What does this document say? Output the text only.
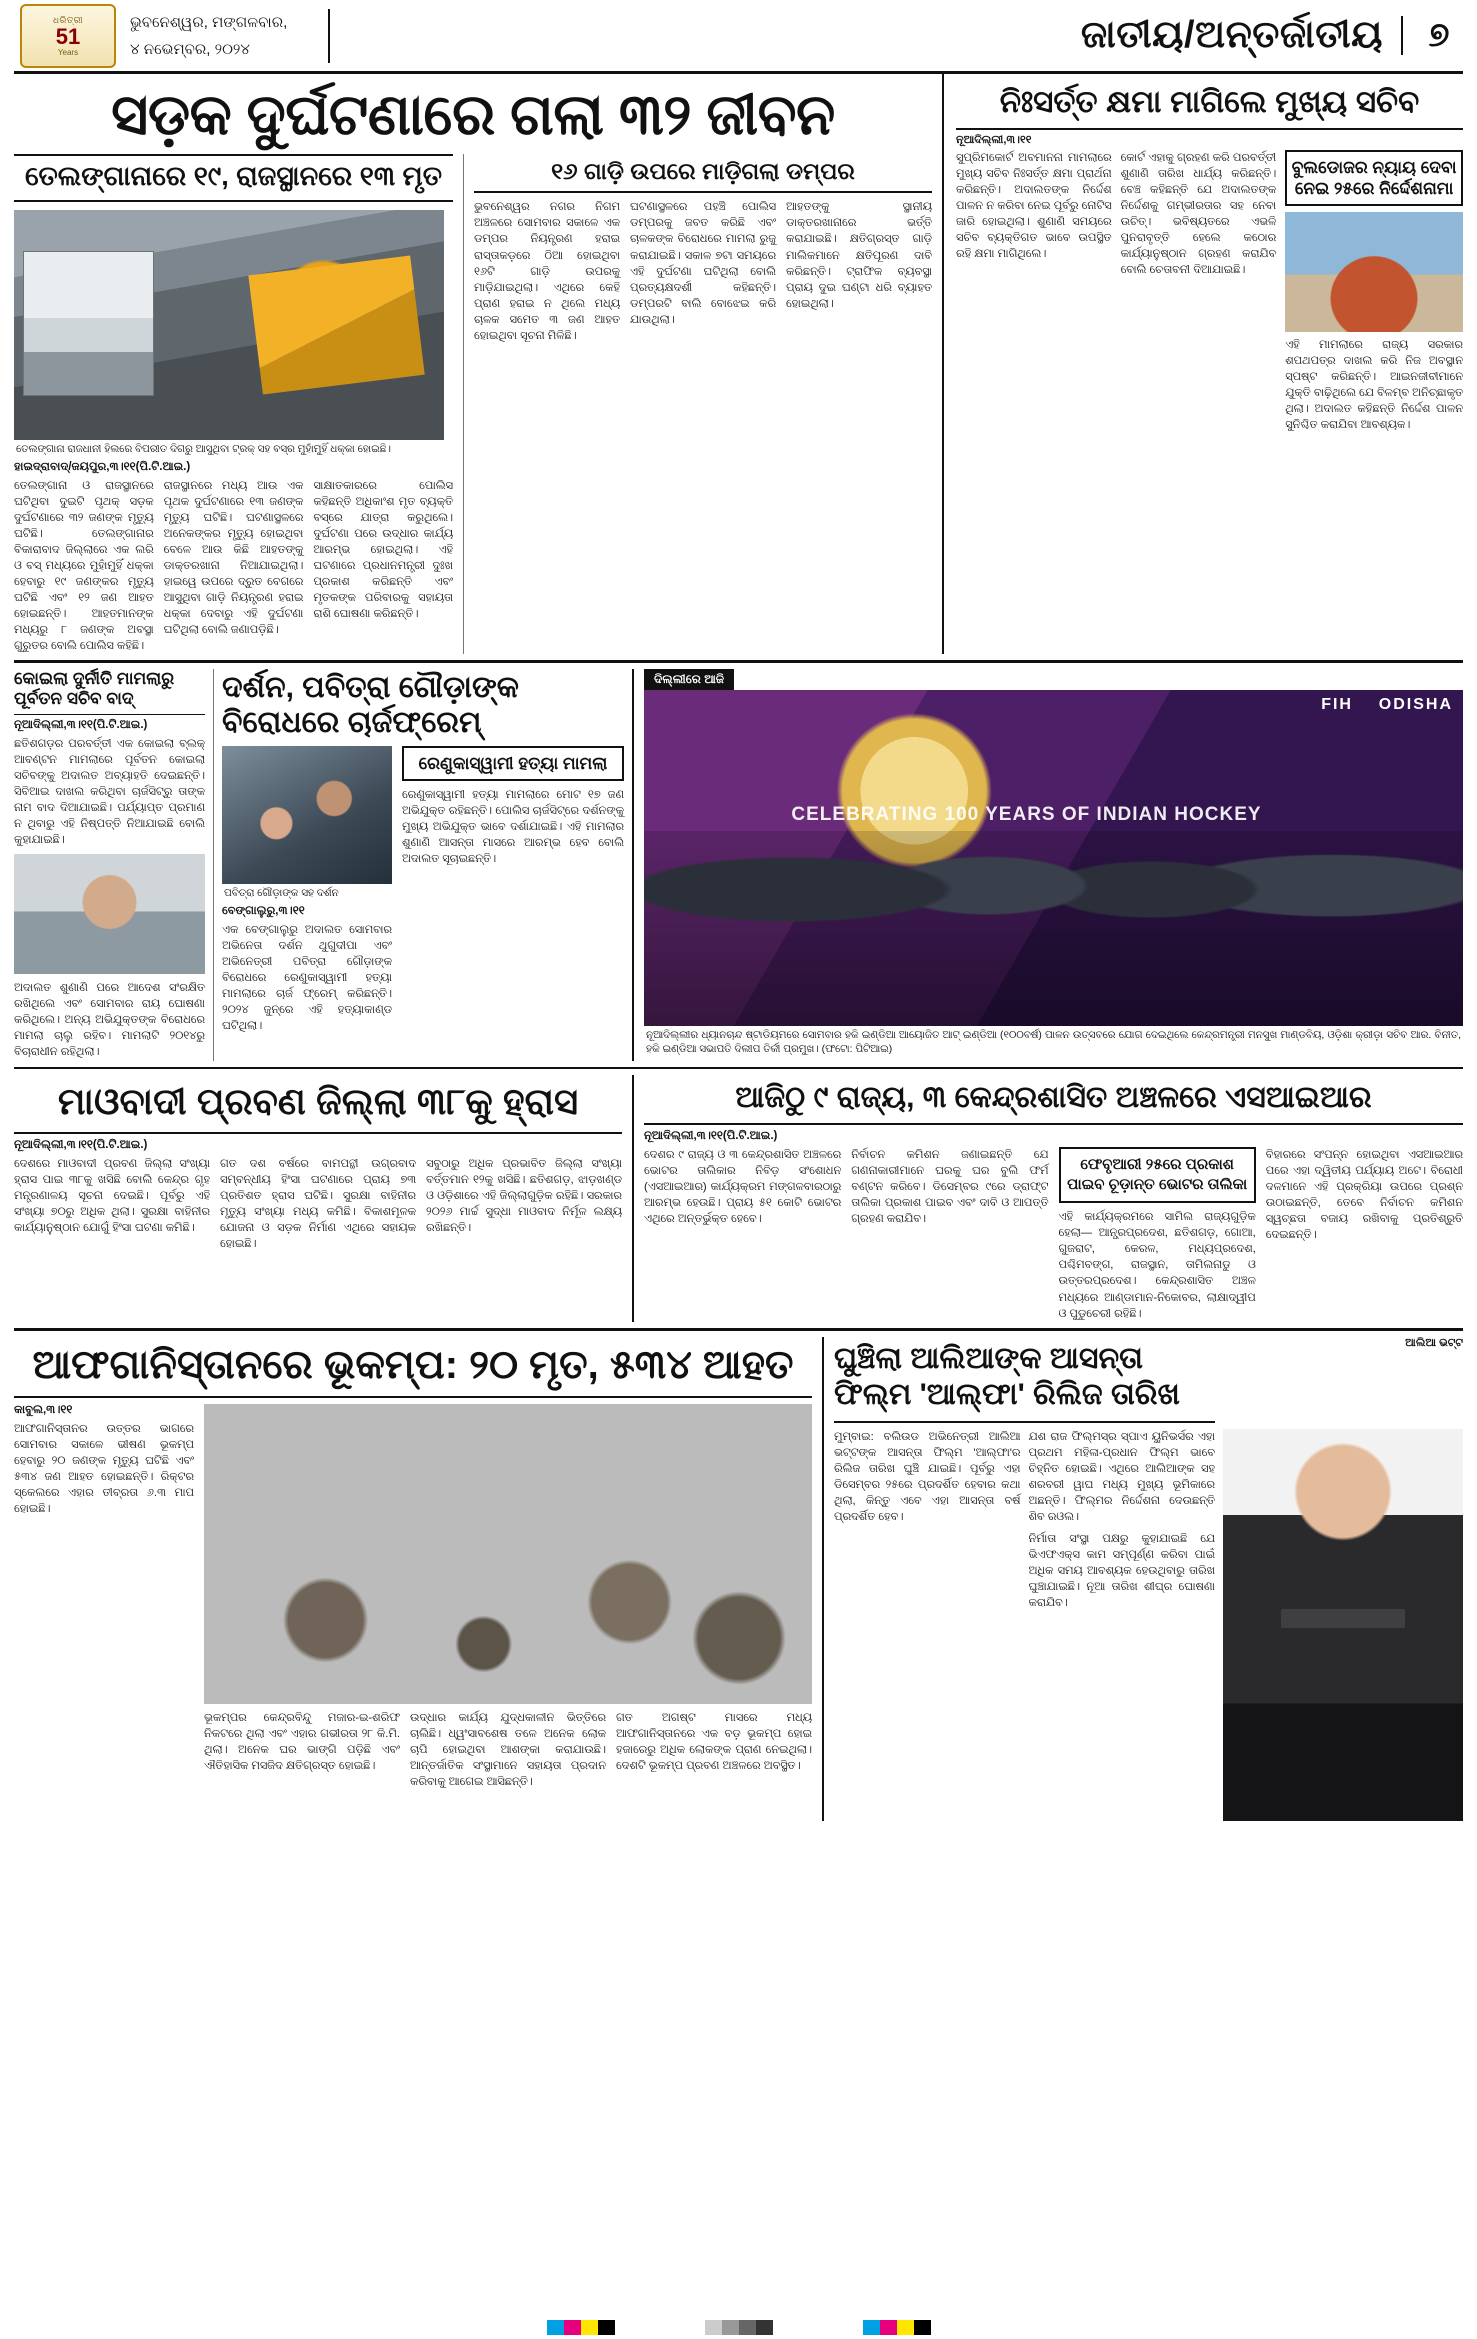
ଧରିତ୍ରୀ
51
Years
ଭୁବନେଶ୍ୱର, ମଙ୍ଗଳବାର,
୪ ନଭେମ୍ବର, ୨୦୨୪	ଜାତୀୟ/ଅନ୍ତର୍ଜାତୀୟ	୭
ସଡ଼କ ଦୁର୍ଘଟଣାରେ ଗଲା ୩୨ ଜୀବନ
ତେଲଙ୍ଗାନାରେ ୧୯, ରାଜସ୍ଥାନରେ ୧୩ ମୃତ
ତେଲଙ୍ଗାନା ରାଜଧାନୀ ହିଲରେ ବିପରୀତ ଦିଗରୁ ଆସୁଥିବା ଟ୍ରକ୍‌ ସହ ବସ୍‌ର ମୁହାଁମୁହିଁ ଧକ୍କା ହୋଇଛି।
ହାଇଦ୍ରାବାଦ୍/ଜୟପୁର,୩।୧୧(ପି.ଟି.ଆଇ.)
ତେଲଙ୍ଗାନା ଓ ରାଜସ୍ଥାନରେ ଘଟିଥିବା ଦୁଇଟି ପୃଥକ୍‌ ସଡ଼କ ଦୁର୍ଘଟଣାରେ ୩୨ ଜଣଙ୍କ ମୃତ୍ୟୁ ଘଟିଛି। ତେଲଙ୍ଗାନାର ବିକାରାବାଦ ଜିଲ୍ଲାରେ ଏକ ଲରି ଓ ବସ୍‌ ମଧ୍ୟରେ ମୁହାଁମୁହିଁ ଧକ୍କା ହେବାରୁ ୧୯ ଜଣଙ୍କର ମୃତ୍ୟୁ ଘଟିଛି ଏବଂ ୧୨ ଜଣ ଆହତ ହୋଇଛନ୍ତି। ଆହତମାନଙ୍କ ମଧ୍ୟରୁ ୮ ଜଣଙ୍କ ଅବସ୍ଥା ଗୁରୁତର ବୋଲି ପୋଲିସ କହିଛି।
ରାଜସ୍ଥାନରେ ମଧ୍ୟ ଆଉ ଏକ ପୃଥକ ଦୁର୍ଘଟଣାରେ ୧୩ ଜଣଙ୍କ ମୃତ୍ୟୁ ଘଟିଛି। ଘଟଣାସ୍ଥଳରେ ଅନେକଙ୍କର ମୃତ୍ୟୁ ହୋଇଥିବା ବେଳେ ଆଉ କିଛି ଆହତଙ୍କୁ ଡାକ୍ତରଖାନା ନିଆଯାଇଥିଲା। ହାଇୱେ ଉପରେ ଦ୍ରୁତ ବେଗରେ ଆସୁଥିବା ଗାଡ଼ି ନିୟନ୍ତ୍ରଣ ହରାଇ ଧକ୍କା ଦେବାରୁ ଏହି ଦୁର୍ଘଟଣା ଘଟିଥିଲା ବୋଲି ଜଣାପଡ଼ିଛି।
ସାକ୍ଷାତକାରରେ ପୋଲିସ କହିଛନ୍ତି ଅଧିକାଂଶ ମୃତ ବ୍ୟକ୍ତି ବସ୍‌ରେ ଯାତ୍ରା କରୁଥିଲେ। ଦୁର୍ଘଟଣା ପରେ ଉଦ୍ଧାର କାର୍ଯ୍ୟ ଆରମ୍ଭ ହୋଇଥିଲା। ଏହି ଘଟଣାରେ ପ୍ରଧାନମନ୍ତ୍ରୀ ଦୁଃଖ ପ୍ରକାଶ କରିଛନ୍ତି ଏବଂ ମୃତକଙ୍କ ପରିବାରକୁ ସହାୟତା ରାଶି ଘୋଷଣା କରିଛନ୍ତି।
୧୬ ଗାଡ଼ି ଉପରେ ମାଡ଼ିଗଲା ଡମ୍ପର
ଭୁବନେଶ୍ୱର ନଗର ନିଗମ ଅଞ୍ଚଳରେ ସୋମବାର ସକାଳେ ଏକ ଡମ୍ପର ନିୟନ୍ତ୍ରଣ ହରାଇ ରାସ୍ତାକଡ଼ରେ ଠିଆ ହୋଇଥିବା ୧୬ଟି ଗାଡ଼ି ଉପରକୁ ମାଡ଼ିଯାଇଥିଲା। ଏଥିରେ କେହି ପ୍ରାଣ ହରାଇ ନ ଥିଲେ ମଧ୍ୟ ଚାଳକ ସମେତ ୩ ଜଣ ଆହତ ହୋଇଥିବା ସୂଚନା ମିଳିଛି।
ଘଟଣାସ୍ଥଳରେ ପହଞ୍ଚି ପୋଲିସ ଡମ୍ପରକୁ ଜବତ କରିଛି ଏବଂ ଚାଳକଙ୍କ ବିରୋଧରେ ମାମଲା ରୁଜୁ କରାଯାଇଛି। ସକାଳ ୭ଟା ସମୟରେ ଏହି ଦୁର୍ଘଟଣା ଘଟିଥିଲା ବୋଲି ପ୍ରତ୍ୟକ୍ଷଦର୍ଶୀ କହିଛନ୍ତି। ଡମ୍ପରଟି ବାଲି ବୋଝେଇ କରି ଯାଉଥିଲା।
ଆହତଙ୍କୁ ସ୍ଥାନୀୟ ଡାକ୍ତରଖାନାରେ ଭର୍ତ୍ତି କରାଯାଇଛି। କ୍ଷତିଗ୍ରସ୍ତ ଗାଡ଼ି ମାଲିକମାନେ କ୍ଷତିପୂରଣ ଦାବି କରିଛନ୍ତି। ଟ୍ରାଫିକ ବ୍ୟବସ୍ଥା ପ୍ରାୟ ଦୁଇ ଘଣ୍ଟା ଧରି ବ୍ୟାହତ ହୋଇଥିଲା।
ନିଃସର୍ତ୍ତ କ୍ଷମା ମାଗିଲେ ମୁଖ୍ୟ ସଚିବ
ନୂଆଦିଲ୍ଲୀ,୩।୧୧
ସୁପ୍ରିମକୋର୍ଟ ଅବମାନନା ମାମଲାରେ ମୁଖ୍ୟ ସଚିବ ନିଃସର୍ତ୍ତ କ୍ଷମା ପ୍ରାର୍ଥନା କରିଛନ୍ତି। ଅଦାଲତଙ୍କ ନିର୍ଦ୍ଦେଶ ପାଳନ ନ କରିବା ନେଇ ପୂର୍ବରୁ ନୋଟିସ ଜାରି ହୋଇଥିଲା। ଶୁଣାଣି ସମୟରେ ସଚିବ ବ୍ୟକ୍ତିଗତ ଭାବେ ଉପସ୍ଥିତ ରହି କ୍ଷମା ମାଗିଥିଲେ।
କୋର୍ଟ ଏହାକୁ ଗ୍ରହଣ କରି ପରବର୍ତ୍ତୀ ଶୁଣାଣି ତାରିଖ ଧାର୍ଯ୍ୟ କରିଛନ୍ତି। ବେଞ୍ଚ କହିଛନ୍ତି ଯେ ଅଦାଲତଙ୍କ ନିର୍ଦ୍ଦେଶକୁ ଗମ୍ଭୀରତାର ସହ ନେବା ଉଚିତ୍‌। ଭବିଷ୍ୟତରେ ଏଭଳି ପୁନରାବୃତ୍ତି ହେଲେ କଠୋର କାର୍ଯ୍ୟାନୁଷ୍ଠାନ ଗ୍ରହଣ କରାଯିବ ବୋଲି ଚେତାବନୀ ଦିଆଯାଇଛି।
ବୁଲଡୋଜର ନ୍ୟାୟ ଦେବା ନେଇ ୨୫ରେ ନିର୍ଦ୍ଦେଶନାମା
ଏହି ମାମଲାରେ ରାଜ୍ୟ ସରକାର ଶପଥପତ୍ର ଦାଖଲ କରି ନିଜ ଅବସ୍ଥାନ ସ୍ପଷ୍ଟ କରିଛନ୍ତି। ଆଇନଜୀବୀମାନେ ଯୁକ୍ତି ବାଢ଼ିଥିଲେ ଯେ ବିଳମ୍ବ ଅନିଚ୍ଛାକୃତ ଥିଲା। ଅଦାଲତ କହିଛନ୍ତି ନିର୍ଦ୍ଦେଶ ପାଳନ ସୁନିଶ୍ଚିତ କରାଯିବା ଆବଶ୍ୟକ।
କୋଇଲା ଦୁର୍ନୀତି ମାମଲାରୁ ପୂର୍ବତନ ସଚିବ ବାଦ୍‌
ନୂଆଦିଲ୍ଲୀ,୩।୧୧(ପି.ଟି.ଆଇ.)
ଛତିଶଗଡ଼ର ପରବର୍ତ୍ତୀ ଏକ କୋଇଲା ବ୍ଲକ୍‌ ଆବଣ୍ଟନ ମାମଲାରେ ପୂର୍ବତନ କୋଇଲା ସଚିବଙ୍କୁ ଅଦାଲତ ଅବ୍ୟାହତି ଦେଇଛନ୍ତି। ସିବିଆଇ ଦାଖଲ କରିଥିବା ଚାର୍ଜସିଟ୍‌ରୁ ତାଙ୍କ ନାମ ବାଦ ଦିଆଯାଇଛି। ପର୍ଯ୍ୟାପ୍ତ ପ୍ରମାଣ ନ ଥିବାରୁ ଏହି ନିଷ୍ପତ୍ତି ନିଆଯାଇଛି ବୋଲି କୁହାଯାଇଛି।
ଅଦାଲତ ଶୁଣାଣି ପରେ ଆଦେଶ ସଂରକ୍ଷିତ ରଖିଥିଲେ ଏବଂ ସୋମବାର ରାୟ ଘୋଷଣା କରିଥିଲେ। ଅନ୍ୟ ଅଭିଯୁକ୍ତଙ୍କ ବିରୋଧରେ ମାମଲା ଚାଲୁ ରହିବ। ମାମଲାଟି ୨୦୧୪ରୁ ବିଚାରାଧୀନ ରହିଥିଲା।
ଦର୍ଶନ, ପବିତ୍ରା ଗୌଡ଼ାଙ୍କ ବିରୋଧରେ ଚାର୍ଜଫ୍ରେମ୍‌
ପବିତ୍ରା ଗୌଡ଼ାଙ୍କ ସହ ଦର୍ଶନ
ବେଙ୍ଗାଲୁରୁ,୩।୧୧
ଏକ ବେଙ୍ଗାଲୁରୁ ଅଦାଲତ ସୋମବାର ଅଭିନେତା ଦର୍ଶନ ଥୁଗୁଦୀପା ଏବଂ ଅଭିନେତ୍ରୀ ପବିତ୍ରା ଗୌଡ଼ାଙ୍କ ବିରୋଧରେ ରେଣୁକାସ୍ୱାମୀ ହତ୍ୟା ମାମଲାରେ ଚାର୍ଜ ଫ୍ରେମ୍‌ କରିଛନ୍ତି। ୨୦୨୪ ଜୁନ୍‌ରେ ଏହି ହତ୍ୟାକାଣ୍ଡ ଘଟିଥିଲା।
ରେଣୁକାସ୍ୱାମୀ ହତ୍ୟା ମାମଲା
ରେଣୁକାସ୍ୱାମୀ ହତ୍ୟା ମାମଲାରେ ମୋଟ ୧୭ ଜଣ ଅଭିଯୁକ୍ତ ରହିଛନ୍ତି। ପୋଲିସ ଚାର୍ଜସିଟ୍‌ରେ ଦର୍ଶନଙ୍କୁ ମୁଖ୍ୟ ଅଭିଯୁକ୍ତ ଭାବେ ଦର୍ଶାଯାଇଛି। ଏହି ମାମଲାର ଶୁଣାଣି ଆସନ୍ତା ମାସରେ ଆରମ୍ଭ ହେବ ବୋଲି ଅଦାଲତ ସୂଚାଇଛନ୍ତି।
ଦିଲ୍ଲୀରେ ଆଜି
FIH ODISHA
CELEBRATING 100 YEARS OF INDIAN HOCKEY
ନୂଆଦିଲ୍ଲୀର ଧ୍ୟାନଚାନ୍ଦ ଷ୍ଟାଡିୟମରେ ସୋମବାର ହକି ଇଣ୍ଡିଆ ଆୟୋଜିତ ଆଟ୍‌ ଇଣ୍ଡିଆ (୧୦୦ବର୍ଷ) ପାଳନ ଉତ୍ସବରେ ଯୋଗ ଦେଇଥିଲେ କେନ୍ଦ୍ରମନ୍ତ୍ରୀ ମନସୁଖ ମାଣ୍ଡବିୟ, ଓଡ଼ିଶା କ୍ରୀଡ଼ା ସଚିବ ଆର. ବିନୀତ, ହକି ଇଣ୍ଡିଆ ସଭାପତି ଦିଲୀପ ତିର୍କୀ ପ୍ରମୁଖ। (ଫଟୋ: ପିଟିଆଇ)
ମାଓବାଦୀ ପ୍ରବଣ ଜିଲ୍ଲା ୩୮କୁ ହ୍ରାସ
ନୂଆଦିଲ୍ଲୀ,୩।୧୧(ପି.ଟି.ଆଇ.)
ଦେଶରେ ମାଓବାଦୀ ପ୍ରବଣ ଜିଲ୍ଲା ସଂଖ୍ୟା ହ୍ରାସ ପାଇ ୩୮କୁ ଖସିଛି ବୋଲି କେନ୍ଦ୍ର ଗୃହ ମନ୍ତ୍ରଣାଳୟ ସୂଚନା ଦେଇଛି। ପୂର୍ବରୁ ଏହି ସଂଖ୍ୟା ୭୦ରୁ ଅଧିକ ଥିଲା। ସୁରକ୍ଷା ବାହିନୀର କାର୍ଯ୍ୟାନୁଷ୍ଠାନ ଯୋଗୁଁ ହିଂସା ଘଟଣା କମିଛି।
ଗତ ଦଶ ବର୍ଷରେ ବାମପନ୍ଥୀ ଉଗ୍ରବାଦ ସମ୍ବନ୍ଧୀୟ ହିଂସା ଘଟଣାରେ ପ୍ରାୟ ୭୩ ପ୍ରତିଶତ ହ୍ରାସ ଘଟିଛି। ସୁରକ୍ଷା ବାହିନୀର ମୃତ୍ୟୁ ସଂଖ୍ୟା ମଧ୍ୟ କମିଛି। ବିକାଶମୂଳକ ଯୋଜନା ଓ ସଡ଼କ ନିର୍ମାଣ ଏଥିରେ ସହାୟକ ହୋଇଛି।
ସବୁଠାରୁ ଅଧିକ ପ୍ରଭାବିତ ଜିଲ୍ଲା ସଂଖ୍ୟା ବର୍ତ୍ତମାନ ୧୨କୁ ଖସିଛି। ଛତିଶଗଡ଼, ଝାଡ଼ଖଣ୍ଡ ଓ ଓଡ଼ିଶାରେ ଏହି ଜିଲ୍ଲାଗୁଡ଼ିକ ରହିଛି। ସରକାର ୨୦୨୬ ମାର୍ଚ୍ଚ ସୁଦ୍ଧା ମାଓବାଦ ନିର୍ମୂଳ ଲକ୍ଷ୍ୟ ରଖିଛନ୍ତି।
ଆଜିଠୁ ୯ ରାଜ୍ୟ, ୩ କେନ୍ଦ୍ରଶାସିତ ଅଞ୍ଚଳରେ ଏସଆଇଆର
ନୂଆଦିଲ୍ଲୀ,୩।୧୧(ପି.ଟି.ଆଇ.)
ଦେଶର ୯ ରାଜ୍ୟ ଓ ୩ କେନ୍ଦ୍ରଶାସିତ ଅଞ୍ଚଳରେ ଭୋଟର ତାଲିକାର ନିବିଡ଼ ସଂଶୋଧନ (ଏସଆଇଆର) କାର୍ଯ୍ୟକ୍ରମ ମଙ୍ଗଳବାରଠାରୁ ଆରମ୍ଭ ହେଉଛି। ପ୍ରାୟ ୫୧ କୋଟି ଭୋଟର ଏଥିରେ ଅନ୍ତର୍ଭୁକ୍ତ ହେବେ।
ନିର୍ବାଚନ କମିଶନ ଜଣାଇଛନ୍ତି ଯେ ଗଣନାକାରୀମାନେ ଘରକୁ ଘର ବୁଲି ଫର୍ମ ବଣ୍ଟନ କରିବେ। ଡିସେମ୍ବର ୯ରେ ଡ୍ରାଫ୍ଟ ତାଲିକା ପ୍ରକାଶ ପାଇବ ଏବଂ ଦାବି ଓ ଆପତ୍ତି ଗ୍ରହଣ କରାଯିବ।
ଫେବୃଆରୀ ୨୫ରେ ପ୍ରକାଶ ପାଇବ ଚୂଡ଼ାନ୍ତ ଭୋଟର ତାଲିକା
ଏହି କାର୍ଯ୍ୟକ୍ରମରେ ସାମିଲ ରାଜ୍ୟଗୁଡ଼ିକ ହେଲା— ଆନ୍ଧ୍ରପ୍ରଦେଶ, ଛତିଶଗଡ଼, ଗୋଆ, ଗୁଜରାଟ, କେରଳ, ମଧ୍ୟପ୍ରଦେଶ, ପଶ୍ଚିମବଙ୍ଗ, ରାଜସ୍ଥାନ, ତାମିଲନାଡୁ ଓ ଉତ୍ତରପ୍ରଦେଶ। କେନ୍ଦ୍ରଶାସିତ ଅଞ୍ଚଳ ମଧ୍ୟରେ ଆଣ୍ଡାମାନ-ନିକୋବର, ଲାକ୍ଷାଦ୍ୱୀପ ଓ ପୁଡୁଚେରୀ ରହିଛି।
ବିହାରରେ ସଂପନ୍ନ ହୋଇଥିବା ଏସଆଇଆର ପରେ ଏହା ଦ୍ୱିତୀୟ ପର୍ଯ୍ୟାୟ ଅଟେ। ବିରୋଧୀ ଦଳମାନେ ଏହି ପ୍ରକ୍ରିୟା ଉପରେ ପ୍ରଶ୍ନ ଉଠାଇଛନ୍ତି, ତେବେ ନିର୍ବାଚନ କମିଶନ ସ୍ୱଚ୍ଛତା ବଜାୟ ରଖିବାକୁ ପ୍ରତିଶ୍ରୁତି ଦେଇଛନ୍ତି।
ଆଫଗାନିସ୍ତାନରେ ଭୂକମ୍ପ: ୨୦ ମୃତ, ୫୩୪ ଆହତ
କାବୁଲ,୩।୧୧
ଆଫଗାନିସ୍ତାନର ଉତ୍ତର ଭାଗରେ ସୋମବାର ସକାଳେ ଭୀଷଣ ଭୂକମ୍ପ ହେବାରୁ ୨୦ ଜଣଙ୍କ ମୃତ୍ୟୁ ଘଟିଛି ଏବଂ ୫୩୪ ଜଣ ଆହତ ହୋଇଛନ୍ତି। ରିକ୍ଟର ସ୍କେଲରେ ଏହାର ତୀବ୍ରତା ୬.୩ ମାପ ହୋଇଛି।
ଭୂକମ୍ପର କେନ୍ଦ୍ରବିନ୍ଦୁ ମଜାର-ଇ-ଶରିଫ ନିକଟରେ ଥିଲା ଏବଂ ଏହାର ଗଭୀରତା ୨୮ କି.ମି. ଥିଲା। ଅନେକ ଘର ଭାଙ୍ଗି ପଡ଼ିଛି ଏବଂ ଐତିହାସିକ ମସଜିଦ କ୍ଷତିଗ୍ରସ୍ତ ହୋଇଛି।
ଉଦ୍ଧାର କାର୍ଯ୍ୟ ଯୁଦ୍ଧକାଳୀନ ଭିତ୍ତିରେ ଚାଲିଛି। ଧ୍ୱଂସାବଶେଷ ତଳେ ଅନେକ ଲୋକ ଚାପି ହୋଇଥିବା ଆଶଙ୍କା କରାଯାଉଛି। ଆନ୍ତର୍ଜାତିକ ସଂସ୍ଥାମାନେ ସହାୟତା ପ୍ରଦାନ କରିବାକୁ ଆଗେଇ ଆସିଛନ୍ତି।
ଗତ ଅଗଷ୍ଟ ମାସରେ ମଧ୍ୟ ଆଫଗାନିସ୍ତାନରେ ଏକ ବଡ଼ ଭୂକମ୍ପ ହୋଇ ହଜାରେରୁ ଅଧିକ ଲୋକଙ୍କ ପ୍ରାଣ ନେଇଥିଲା। ଦେଶଟି ଭୂକମ୍ପ ପ୍ରବଣ ଅଞ୍ଚଳରେ ଅବସ୍ଥିତ।
ଘୁଞ୍ଚିଲା ଆଲିଆଙ୍କ ଆସନ୍ତା ଫିଲ୍ମ 'ଆଲ୍ଫା' ରିଲିଜ ତାରିଖ
ଆଲିଆ ଭଟ୍ଟ
ମୁମ୍ବାଇ: ବଲିଉଡ ଅଭିନେତ୍ରୀ ଆଲିଆ ଭଟ୍ଟଙ୍କ ଆସନ୍ତା ଫିଲ୍ମ 'ଆଲ୍ଫା'ର ରିଲିଜ ତାରିଖ ଘୁଞ୍ଚି ଯାଇଛି। ପୂର୍ବରୁ ଏହା ଡିସେମ୍ବର ୨୫ରେ ପ୍ରଦର୍ଶିତ ହେବାର କଥା ଥିଲା, କିନ୍ତୁ ଏବେ ଏହା ଆସନ୍ତା ବର୍ଷ ପ୍ରଦର୍ଶିତ ହେବ।
ଯଶ ରାଜ ଫିଲ୍ମସ୍‌ର ସ୍ପାଏ ୟୁନିଭର୍ସର ଏହା ପ୍ରଥମ ମହିଳା-ପ୍ରଧାନ ଫିଲ୍ମ ଭାବେ ଚିହ୍ନିତ ହୋଇଛି। ଏଥିରେ ଆଲିଆଙ୍କ ସହ ଶରବରୀ ୱାଘ ମଧ୍ୟ ମୁଖ୍ୟ ଭୂମିକାରେ ଅଛନ୍ତି। ଫିଲ୍ମର ନିର୍ଦ୍ଦେଶନା ଦେଉଛନ୍ତି ଶିବ ରଓଲ।
ନିର୍ମାତା ସଂସ୍ଥା ପକ୍ଷରୁ କୁହାଯାଇଛି ଯେ ଭିଏଫଏକ୍ସ କାମ ସମ୍ପୂର୍ଣ୍ଣ କରିବା ପାଇଁ ଅଧିକ ସମୟ ଆବଶ୍ୟକ ହେଉଥିବାରୁ ତାରିଖ ଘୁଞ୍ଚାଯାଇଛି। ନୂଆ ତାରିଖ ଶୀଘ୍ର ଘୋଷଣା କରାଯିବ।
